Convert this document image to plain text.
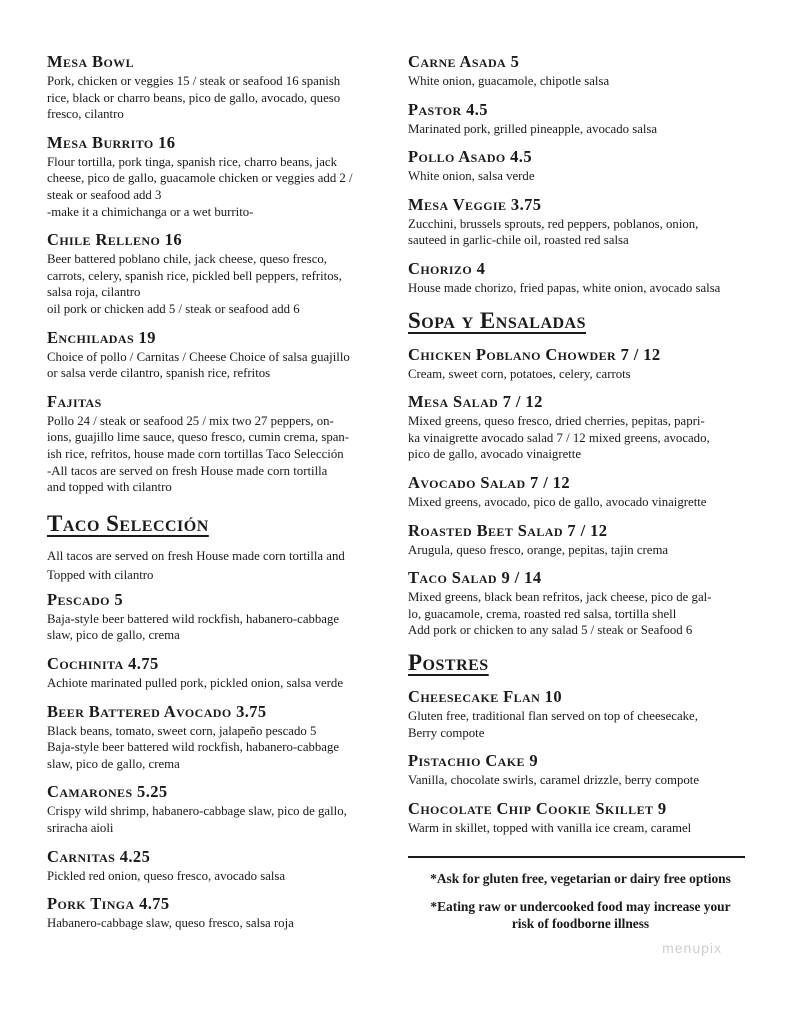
Mesa Bowl
Pork, chicken or veggies 15 / steak or seafood 16 spanish
rice, black or charro beans, pico de gallo, avocado, queso
fresco, cilantro
Mesa Burrito 16
Flour tortilla, pork tinga, spanish rice, charro beans, jack
cheese, pico de gallo, guacamole chicken or veggies add 2 /
steak or seafood add 3
-make it a chimichanga or a wet burrito-
Chile Relleno 16
Beer battered poblano chile, jack cheese, queso fresco,
carrots, celery, spanish rice, pickled bell peppers, refritos,
salsa roja, cilantro
oil pork or chicken add 5 / steak or seafood add 6
Enchiladas 19
Choice of pollo / Carnitas / Cheese Choice of salsa guajillo
or salsa verde cilantro, spanish rice, refritos
Fajitas
Pollo 24 / steak or seafood 25 / mix two 27 peppers, on-
ions, guajillo lime sauce, queso fresco, cumin crema, span-
ish rice, refritos, house made corn tortillas Taco Selección
-All tacos are served on fresh House made corn tortilla
and topped with cilantro
Taco Selección
All tacos are served on fresh House made corn tortilla and
Topped with cilantro
Pescado 5
Baja-style beer battered wild rockfish, habanero-cabbage
slaw, pico de gallo, crema
Cochinita 4.75
Achiote marinated pulled pork, pickled onion, salsa verde
Beer Battered Avocado 3.75
Black beans, tomato, sweet corn, jalapeño pescado 5
Baja-style beer battered wild rockfish, habanero-cabbage
slaw, pico de gallo, crema
Camarones 5.25
Crispy wild shrimp, habanero-cabbage slaw, pico de gallo,
sriracha aioli
Carnitas 4.25
Pickled red onion, queso fresco, avocado salsa
Pork Tinga 4.75
Habanero-cabbage slaw, queso fresco, salsa roja
Carne Asada 5
White onion, guacamole, chipotle salsa
Pastor 4.5
Marinated pork, grilled pineapple, avocado salsa
Pollo Asado 4.5
White onion, salsa verde
Mesa Veggie 3.75
Zucchini, brussels sprouts, red peppers, poblanos, onion,
sauteed in garlic-chile oil, roasted red salsa
Chorizo 4
House made chorizo, fried papas, white onion, avocado salsa
Sopa y Ensaladas
Chicken Poblano Chowder 7 / 12
Cream, sweet corn, potatoes, celery, carrots
Mesa Salad 7 / 12
Mixed greens, queso fresco, dried cherries, pepitas, papri-
ka vinaigrette avocado salad 7 / 12 mixed greens, avocado,
pico de gallo, avocado vinaigrette
Avocado Salad 7 / 12
Mixed greens, avocado, pico de gallo, avocado vinaigrette
Roasted Beet Salad 7 / 12
Arugula, queso fresco, orange, pepitas, tajin crema
Taco Salad 9 / 14
Mixed greens, black bean refritos, jack cheese, pico de gal-
lo, guacamole, crema, roasted red salsa, tortilla shell
Add pork or chicken to any salad 5 / steak or Seafood 6
Postres
Cheesecake Flan 10
Gluten free, traditional flan served on top of cheesecake,
Berry compote
Pistachio Cake 9
Vanilla, chocolate swirls, caramel drizzle, berry compote
Chocolate Chip Cookie Skillet 9
Warm in skillet, topped with vanilla ice cream, caramel
*Ask for gluten free, vegetarian or dairy free options
*Eating raw or undercooked food may increase your
risk of foodborne illness
menupix
